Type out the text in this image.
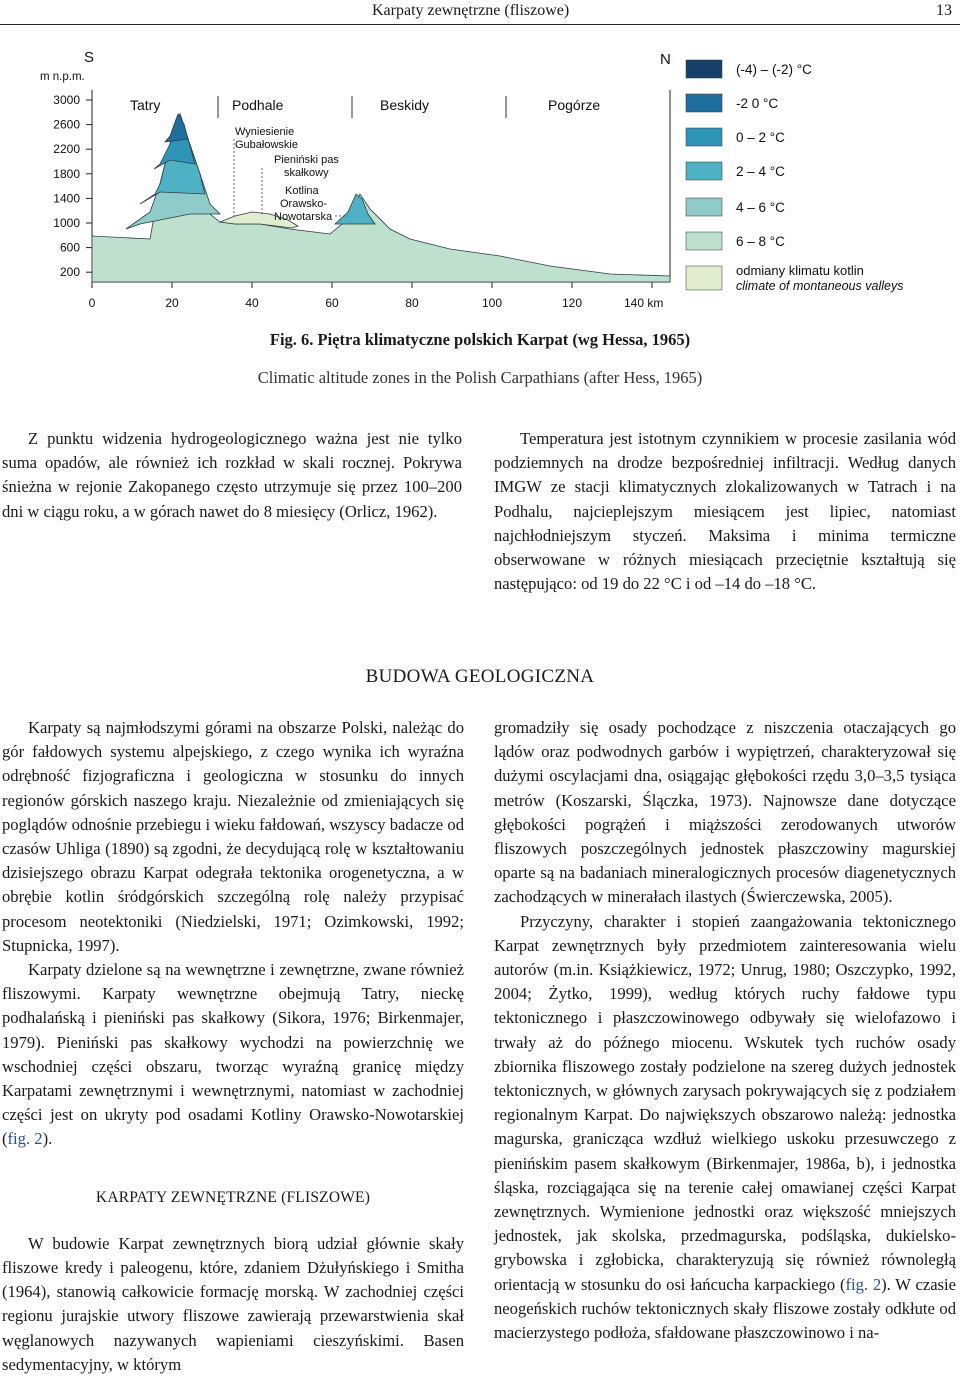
Karpaty zewnętrzne (fliszowe)	13
S	N
m n.p.m.
3000
2600
2200
1800
1400
1000
600
200
0	20	40	60	80	100	120	140 km
Tatry	Podhale	Beskidy	Pogórze
Wyniesienie
Gubałowskie
Pieniński pas
skałkowy
Kotlina
Orawsko-
Nowotarska
(-4) – (-2) °C
-2 0 °C
0 – 2 °C
2 – 4 °C
4 – 6 °C
6 – 8 °C
odmiany klimatu kotlin
climate of montaneous valleys
Fig. 6. Piętra klimatyczne polskich Karpat (wg Hessa, 1965)
Climatic altitude zones in the Polish Carpathians (after Hess, 1965)

Z punktu widzenia hydrogeologicznego ważna jest nie tylko suma opadów, ale również ich rozkład w skali rocznej. Pokrywa śnieżna w rejonie Zakopanego często utrzymuje się przez 100–200 dni w ciągu roku, a w górach nawet do 8 miesięcy (Orlicz, 1962).

Temperatura jest istotnym czynnikiem w procesie zasilania wód podziemnych na drodze bezpośredniej infiltracji. Według danych IMGW ze stacji klimatycznych zlokalizowanych w Tatrach i na Podhalu, najcieplejszym miesiącem jest lipiec, natomiast najchłodniejszym styczeń. Maksima i minima termiczne obserwowane w różnych miesiącach przeciętnie kształtują się następująco: od 19 do 22 °C i od –14 do –18 °C.

BUDOWA GEOLOGICZNA

Karpaty są najmłodszymi górami na obszarze Polski, należąc do gór fałdowych systemu alpejskiego, z czego wynika ich wyraźna odrębność fizjograficzna i geologiczna w stosunku do innych regionów górskich naszego kraju. Niezależnie od zmieniających się poglądów odnośnie przebiegu i wieku fałdowań, wszyscy badacze od czasów Uhliga (1890) są zgodni, że decydującą rolę w kształtowaniu dzisiejszego obrazu Karpat odegrała tektonika orogenetyczna, a w obrębie kotlin śródgórskich szczególną rolę należy przypisać procesom neotektoniki (Niedzielski, 1971; Ozimkowski, 1992; Stupnicka, 1997).

Karpaty dzielone są na wewnętrzne i zewnętrzne, zwane również fliszowymi. Karpaty wewnętrzne obejmują Tatry, nieckę podhalańską i pieniński pas skałkowy (Sikora, 1976; Birkenmajer, 1979). Pieniński pas skałkowy wychodzi na powierzchnię we wschodniej części obszaru, tworząc wyraźną granicę między Karpatami zewnętrznymi i wewnętrznymi, natomiast w zachodniej części jest on ukryty pod osadami Kotliny Orawsko-Nowotarskiej (fig. 2).

KARPATY ZEWNĘTRZNE (FLISZOWE)

W budowie Karpat zewnętrznych biorą udział głównie skały fliszowe kredy i paleogenu, które, zdaniem Dżułyńskiego i Smitha (1964), stanowią całkowicie formację morską. W zachodniej części regionu jurajskie utwory fliszowe zawierają przewarstwienia skał węglanowych nazywanych wapieniami cieszyńskimi. Basen sedymentacyjny, w którym

gromadziły się osady pochodzące z niszczenia otaczających go lądów oraz podwodnych garbów i wypiętrzeń, charakteryzował się dużymi oscylacjami dna, osiągając głębokości rzędu 3,0–3,5 tysiąca metrów (Koszarski, Ślączka, 1973). Najnowsze dane dotyczące głębokości pogrążeń i miąższości zerodowanych utworów fliszowych poszczególnych jednostek płaszczowiny magurskiej oparte są na badaniach mineralogicznych procesów diagenetycznych zachodzących w minerałach ilastych (Świerczewska, 2005).

Przyczyny, charakter i stopień zaangażowania tektonicznego Karpat zewnętrznych były przedmiotem zainteresowania wielu autorów (m.in. Książkiewicz, 1972; Unrug, 1980; Oszczypko, 1992, 2004; Żytko, 1999), według których ruchy fałdowe typu tektonicznego i płaszczowinowego odbywały się wielofazowo i trwały aż do późnego miocenu. Wskutek tych ruchów osady zbiornika fliszowego zostały podzielone na szereg dużych jednostek tektonicznych, w głównych zarysach pokrywających się z podziałem regionalnym Karpat. Do największych obszarowo należą: jednostka magurska, granicząca wzdłuż wielkiego uskoku przesuwczego z pienińskim pasem skałkowym (Birkenmajer, 1986a, b), i jednostka śląska, rozciągająca się na terenie całej omawianej części Karpat zewnętrznych. Wymienione jednostki oraz większość mniejszych jednostek, jak skolska, przedmagurska, podśląska, dukielsko-grybowska i zgłobicka, charakteryzują się również równoległą orientacją w stosunku do osi łańcucha karpackiego (fig. 2). W czasie neogeńskich ruchów tektonicznych skały fliszowe zostały odkłute od macierzystego podłoża, sfałdowane płaszczowinowo i na-
